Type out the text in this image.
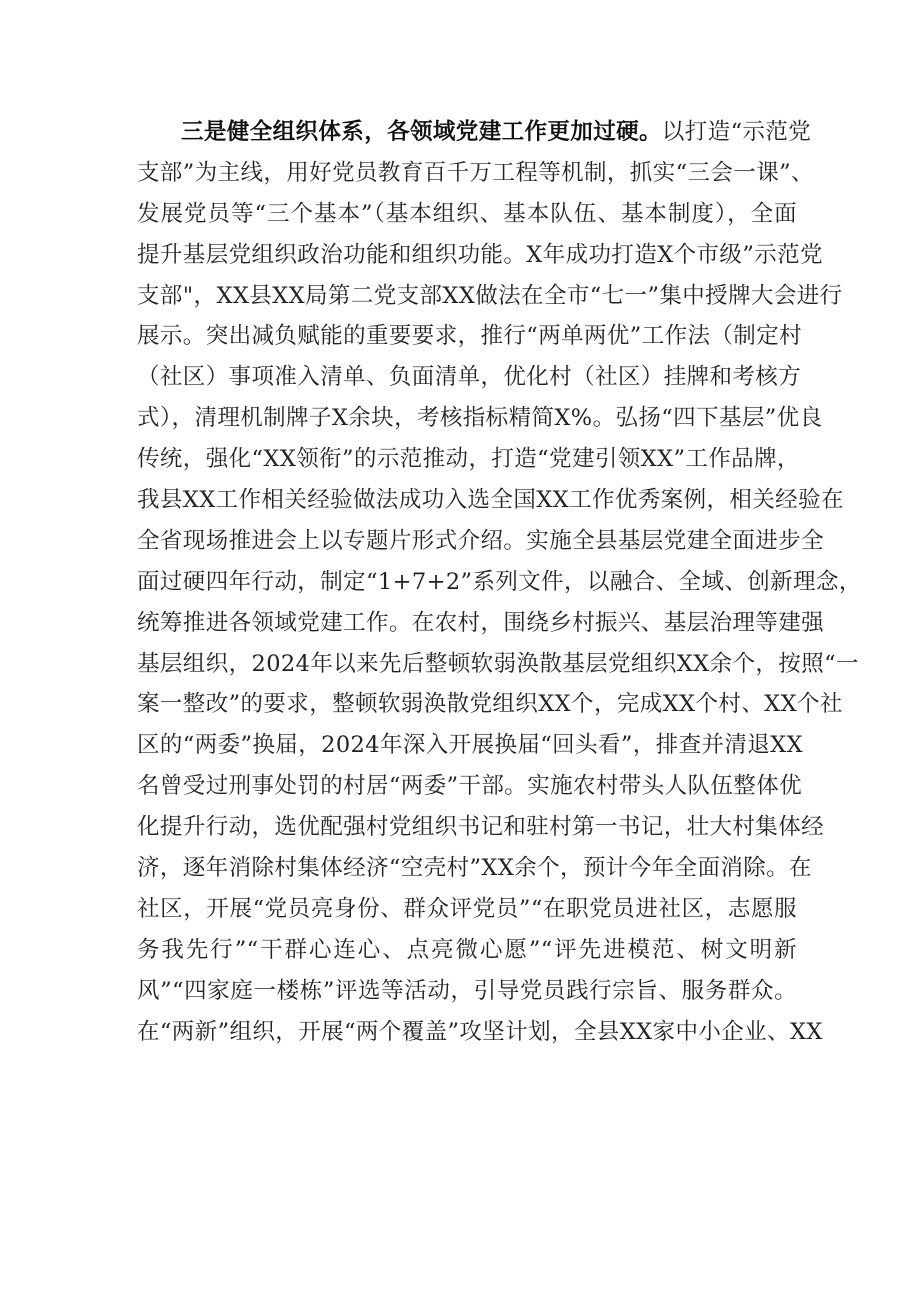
三是健全组织体系，各领域党建工作更加过硬。以打造“示范党
支部”为主线，用好党员教育百千万工程等机制，抓实“三会一课”、
发展党员等“三个基本”（基本组织、基本队伍、基本制度），全面
提升基层党组织政治功能和组织功能。X年成功打造X个市级”示范党
支部"，XX县XX局第二党支部XX做法在全市“七一”集中授牌大会进行
展示。突出减负赋能的重要要求，推行“两单两优”工作法（制定村
（社区）事项准入清单、负面清单，优化村（社区）挂牌和考核方
式），清理机制牌子X余块，考核指标精简X%。弘扬“四下基层”优良
传统，强化“XX领衔”的示范推动，打造“党建引领XX”工作品牌，
我县XX工作相关经验做法成功入选全国XX工作优秀案例，相关经验在
全省现场推进会上以专题片形式介绍。实施全县基层党建全面进步全
面过硬四年行动，制定“1+7+2”系列文件，以融合、全域、创新理念，
统筹推进各领域党建工作。在农村，围绕乡村振兴、基层治理等建强
基层组织，2024年以来先后整顿软弱涣散基层党组织XX余个，按照“一
案一整改”的要求，整顿软弱涣散党组织XX个，完成XX个村、XX个社
区的“两委”换届，2024年深入开展换届“回头看”，排查并清退XX
名曾受过刑事处罚的村居“两委”干部。实施农村带头人队伍整体优
化提升行动，选优配强村党组织书记和驻村第一书记，壮大村集体经
济，逐年消除村集体经济“空壳村”XX余个，预计今年全面消除。在
社区，开展“党员亮身份、群众评党员”“在职党员进社区，志愿服
务我先行”“干群心连心、点亮微心愿”“评先进模范、树文明新
风”“四家庭一楼栋”评选等活动，引导党员践行宗旨、服务群众。
在“两新”组织，开展“两个覆盖”攻坚计划，全县XX家中小企业、XX
